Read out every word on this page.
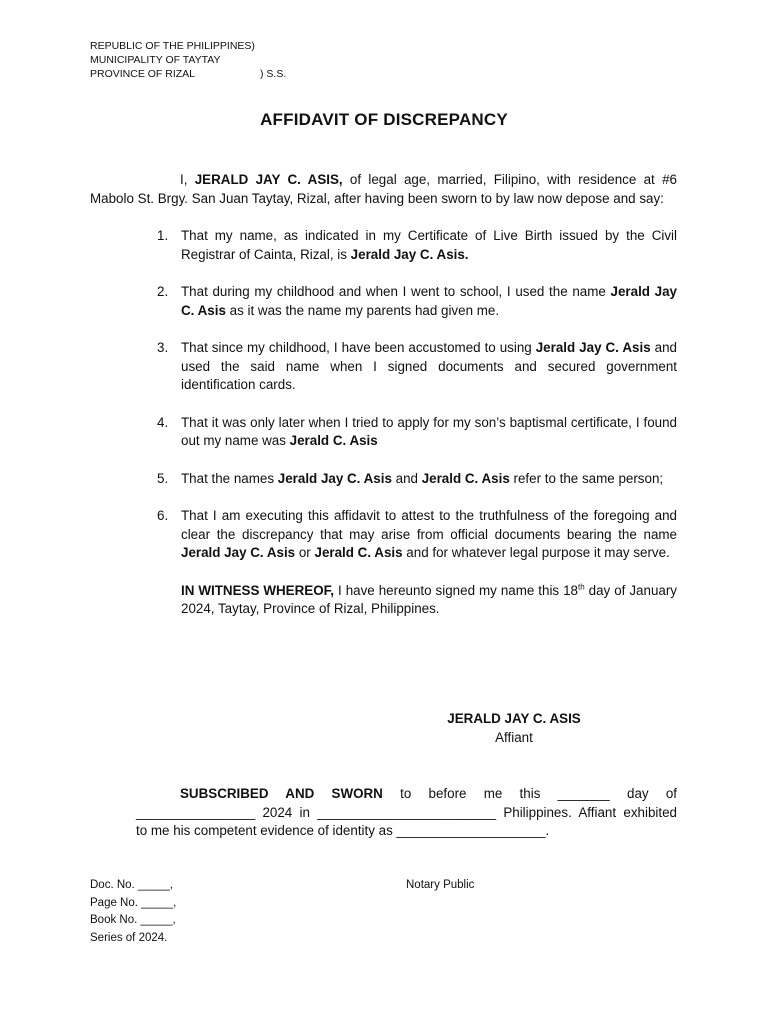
REPUBLIC OF THE PHILIPPINES)
MUNICIPALITY OF TAYTAY
PROVINCE OF RIZAL	) S.S.
AFFIDAVIT OF DISCREPANCY
I, JERALD JAY C. ASIS, of legal age, married, Filipino, with residence at #6 Mabolo St. Brgy. San Juan Taytay, Rizal, after having been sworn to by law now depose and say:
1. That my name, as indicated in my Certificate of Live Birth issued by the Civil Registrar of Cainta, Rizal, is Jerald Jay C. Asis.
2. That during my childhood and when I went to school, I used the name Jerald Jay C. Asis as it was the name my parents had given me.
3. That since my childhood, I have been accustomed to using Jerald Jay C. Asis and used the said name when I signed documents and secured government identification cards.
4. That it was only later when I tried to apply for my son’s baptismal certificate, I found out my name was Jerald C. Asis
5. That the names Jerald Jay C. Asis and Jerald C. Asis refer to the same person;
6. That I am executing this affidavit to attest to the truthfulness of the foregoing and clear the discrepancy that may arise from official documents bearing the name Jerald Jay C. Asis or Jerald C. Asis and for whatever legal purpose it may serve.
IN WITNESS WHEREOF, I have hereunto signed my name this 18th day of January 2024, Taytay, Province of Rizal, Philippines.
JERALD JAY C. ASIS
Affiant
SUBSCRIBED AND SWORN to before me this _______ day of
________________ 2024 in ________________________ Philippines. Affiant exhibited
to me his competent evidence of identity as ____________________.
Doc. No. _____,
Page No. _____,
Book No. _____,
Series of 2024.
Notary Public
